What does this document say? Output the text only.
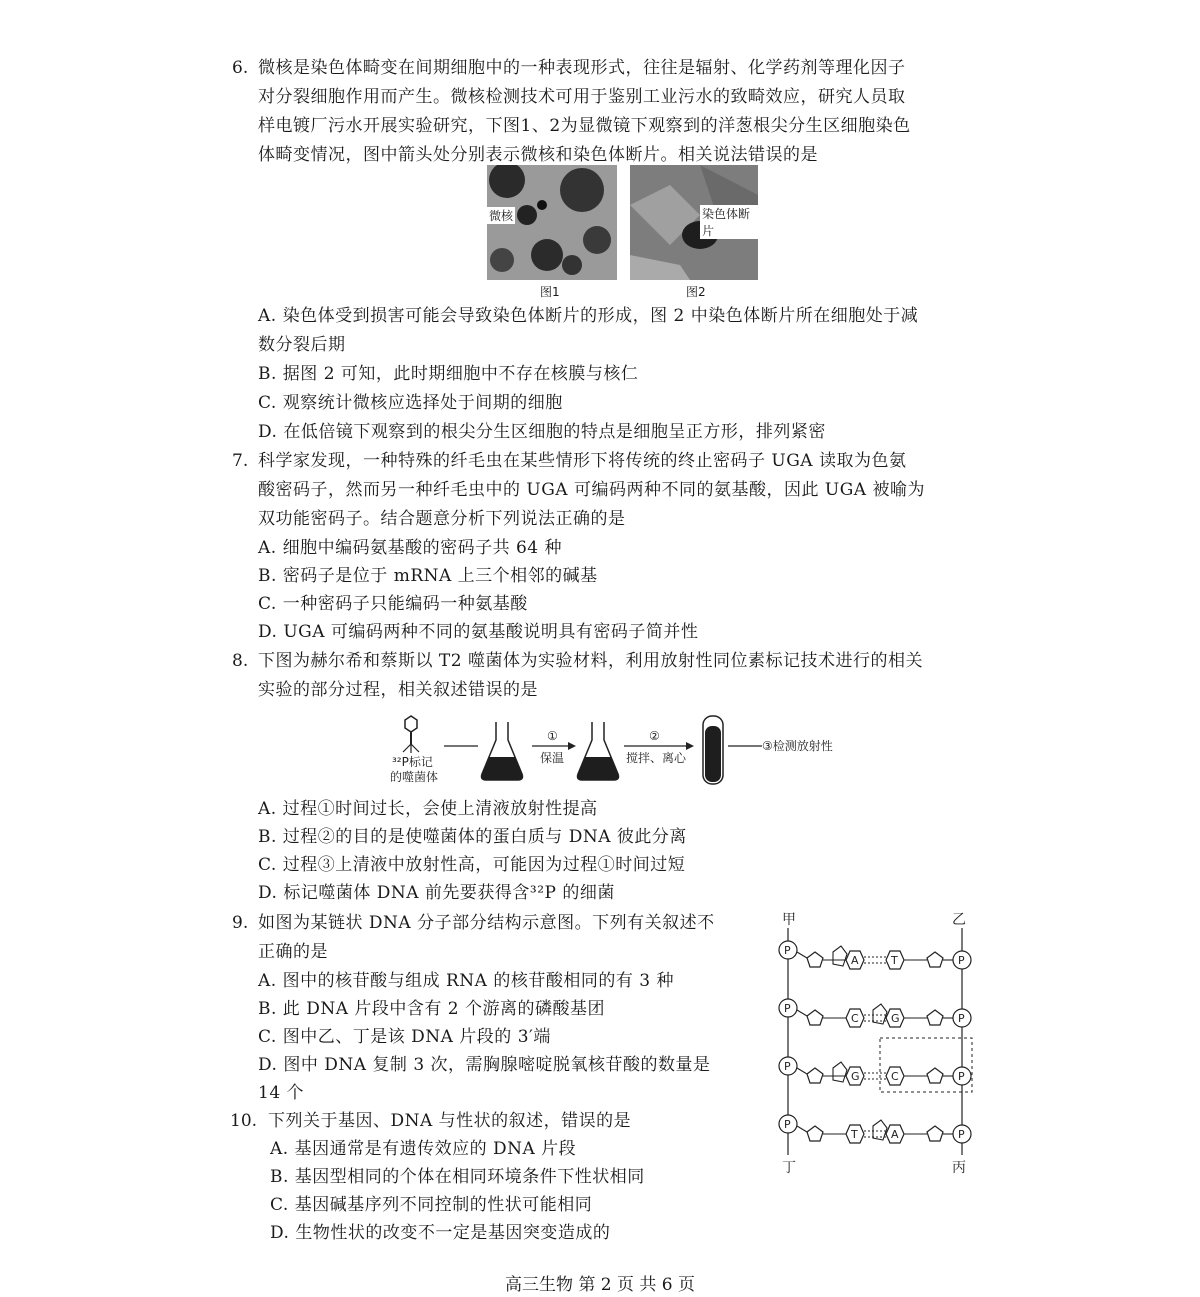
6. 微核是染色体畸变在间期细胞中的一种表现形式，往往是辐射、化学药剂等理化因子
对分裂细胞作用而产生。微核检测技术可用于鉴别工业污水的致畸效应，研究人员取
样电镀厂污水开展实验研究，下图1、2为显微镜下观察到的洋葱根尖分生区细胞染色
体畸变情况，图中箭头处分别表示微核和染色体断片。相关说法错误的是
微核
图1
染色体断片
图2
A. 染色体受到损害可能会导致染色体断片的形成，图 2 中染色体断片所在细胞处于减
数分裂后期
B. 据图 2 可知，此时期细胞中不存在核膜与核仁
C. 观察统计微核应选择处于间期的细胞
D. 在低倍镜下观察到的根尖分生区细胞的特点是细胞呈正方形，排列紧密
7. 科学家发现，一种特殊的纤毛虫在某些情形下将传统的终止密码子 UGA 读取为色氨
酸密码子，然而另一种纤毛虫中的 UGA 可编码两种不同的氨基酸，因此 UGA 被喻为
双功能密码子。结合题意分析下列说法正确的是
A. 细胞中编码氨基酸的密码子共 64 种
B. 密码子是位于 mRNA 上三个相邻的碱基
C. 一种密码子只能编码一种氨基酸
D. UGA 可编码两种不同的氨基酸说明具有密码子简并性
8. 下图为赫尔希和蔡斯以 T2 噬菌体为实验材料，利用放射性同位素标记技术进行的相关
实验的部分过程，相关叙述错误的是
³²P标记
的噬菌体
①
保温
②
搅拌、离心
③检测放射性
A. 过程①时间过长，会使上清液放射性提高
B. 过程②的目的是使噬菌体的蛋白质与 DNA 彼此分离
C. 过程③上清液中放射性高，可能因为过程①时间过短
D. 标记噬菌体 DNA 前先要获得含³²P 的细菌
9. 如图为某链状 DNA 分子部分结构示意图。下列有关叙述不
正确的是
A. 图中的核苷酸与组成 RNA 的核苷酸相同的有 3 种
B. 此 DNA 片段中含有 2 个游离的磷酸基团
C. 图中乙、丁是该 DNA 片段的 3′端
D. 图中 DNA 复制 3 次，需胸腺嘧啶脱氧核苷酸的数量是
14 个
甲	乙
丁	丙
P
P
A	T
P
P
C	G
P
P
G	C
P
P
T	A
10. 下列关于基因、DNA 与性状的叙述，错误的是
A. 基因通常是有遗传效应的 DNA 片段
B. 基因型相同的个体在相同环境条件下性状相同
C. 基因碱基序列不同控制的性状可能相同
D. 生物性状的改变不一定是基因突变造成的
高三生物 第 2 页 共 6 页
